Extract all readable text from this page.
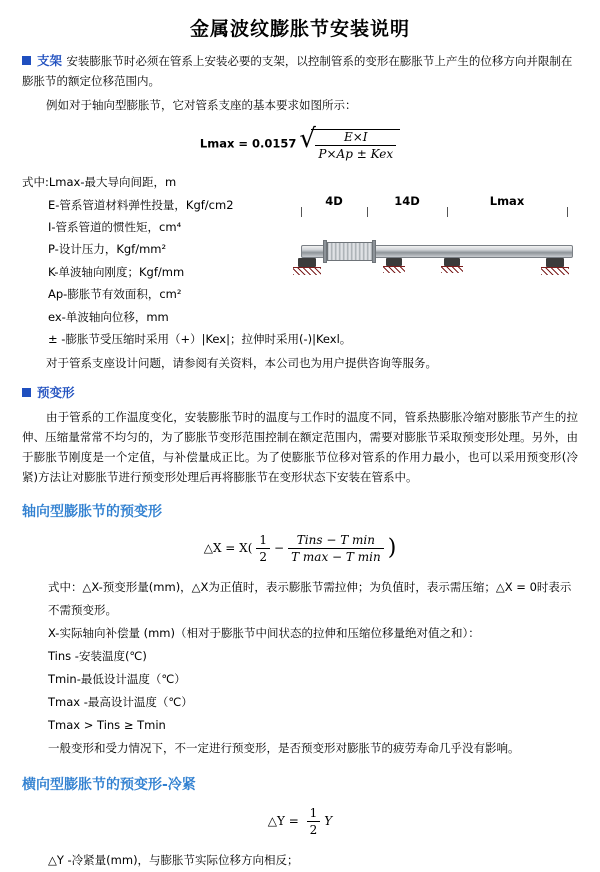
金属波纹膨胀节安装说明
支架 安装膨胀节时必须在管系上安装必要的支架，以控制管系的变形在膨胀节上产生的位移方向并限制在膨胀节的额定位移范围内。
例如对于轴向型膨胀节，它对管系支座的基本要求如图所示：
Lmax = 0.0157 √ $\frac{E\times I}{\text{P×Ap ± Kex}}$
式中:Lmax-最大导向间距，m
E-管系管道材料弹性投量，Kgf/cm2
I-管系管道的惯性矩，cm⁴
P-设计压力，Kgf/mm²
K-单波轴向刚度；Kgf/mm
Ap-膨胀节有效面积，cm²
ex-单波轴向位移，mm
± -膨胀节受压缩时采用（+）|Kex|；拉伸时采用(-)|Kexl。
4D	14D	Lmax
对于管系支座设计问题，请参阅有关资料，本公司也为用户提供咨询等服务。
预变形
由于管系的工作温度变化，安装膨胀节时的温度与工作时的温度不同，管系热膨胀冷缩对膨胀节产生的拉伸、压缩量常常不均匀的，为了膨胀节变形范围控制在额定范围内，需要对膨胀节采取预变形处理。另外，由于膨胀节刚度是一个定值，与补偿量成正比。为了使膨胀节位移对管系的作用力最小，也可以采用预变形(冷紧)方法让对膨胀节进行预变形处理后再将膨胀节在变形状态下安装在管系中。
轴向型膨胀节的预变形
△X = $X( \frac{1}{2} - \frac{\text{Tins − T min}}{\text{T max − T min}}$ )
式中：△X-预变形量(mm)，△X为正值时，表示膨胀节需拉伸；为负值时，表示需压缩；△X = 0时表示不需预变形。
X-实际轴向补偿量 (mm)（相对于膨胀节中间状态的拉伸和压缩位移量绝对值之和）：
Tins -安装温度(℃)
Tmin-最低设计温度（℃）
Tmax -最高设计温度（℃）
Tmax > Tins ≥ Tmin
一般变形和受力情况下，不一定进行预变形，是否预变形对膨胀节的疲劳寿命几乎没有影响。
横向型膨胀节的预变形-冷紧
△Y = $\frac{1}{2}$ Y
△Y -冷紧量(mm)，与膨胀节实际位移方向相反；
